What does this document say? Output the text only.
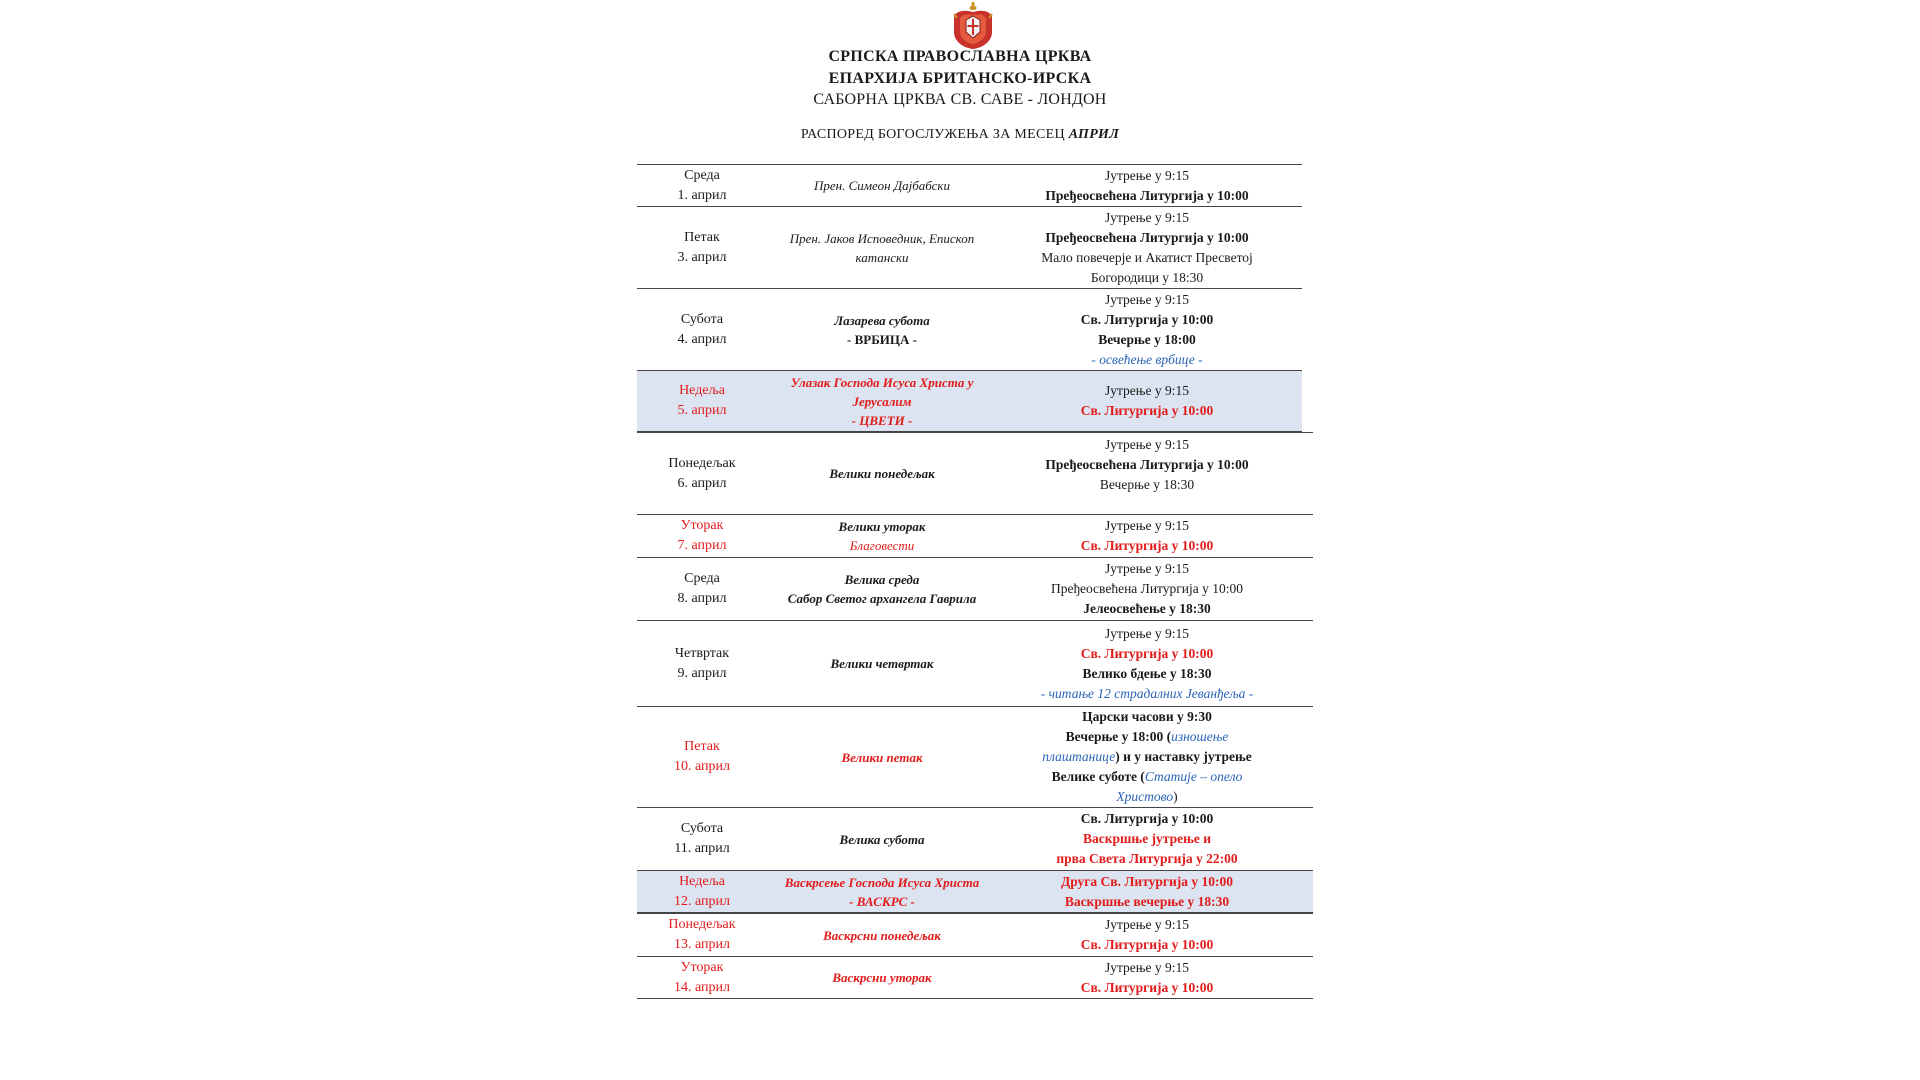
СРПСКА ПРАВОСЛАВНА ЦРКВА
ЕПАРХИЈА БРИТАНСКО-ИРСКА
САБОРНА ЦРКВА СВ. САВЕ - ЛОНДОН
РАСПОРЕД БОГОСЛУЖЕЊА ЗА МЕСЕЦ АПРИЛ
Среда
1. април
Прен. Симеон Дајбабски
Јутрење у 9:15
Пређеосвећена Литургија у 10:00
Петак
3. април
Прен. Јаков Исповедник, Епископ
катански
Јутрење у 9:15
Пређеосвећена Литургија у 10:00
Мало повечерје и Акатист Пресветој
Богородици у 18:30
Субота
4. април
Лазарева субота
- ВРБИЦА -
Јутрење у 9:15
Св. Литургија у 10:00
Вечерње у 18:00
- освећење врбице -
Недеља
5. април
Улазак Господа Исуса Христа у
Јерусалим
- ЦВЕТИ -
Јутрење у 9:15
Св. Литургија у 10:00
Понедељак
6. април
Велики понедељак
Јутрење у 9:15
Пређеосвећена Литургија у 10:00
Вечерње у 18:30
Уторак
7. април
Велики уторак
Благовести
Јутрење у 9:15
Св. Литургија у 10:00
Среда
8. април
Велика среда
Сабор Светог архангела Гаврила
Јутрење у 9:15
Пређеосвећена Литургија у 10:00
Јелеосвећење у 18:30
Четвртак
9. април
Велики четвртак
Јутрење у 9:15
Св. Литургија у 10:00
Велико бдење у 18:30
- читање 12 страдалних Јеванђеља -
Петак
10. април
Велики петак
Царски часови у 9:30
Вечерње у 18:00 (изношење
плаштанице) и у наставку јутрење
Велике суботе (Статије – опело
Христово)
Субота
11. април
Велика субота
Св. Литургија у 10:00
Васкршње јутрење и
прва Света Литургија у 22:00
Недеља
12. април
Васкрсење Господа Исуса Христа
- ВАСКРС -
Друга Св. Литургија у 10:00
Васкршње вечерње у 18:30
Понедељак
13. април
Васкрсни понедељак
Јутрење у 9:15
Св. Литургија у 10:00
Уторак
14. април
Васкрсни уторак
Јутрење у 9:15
Св. Литургија у 10:00
